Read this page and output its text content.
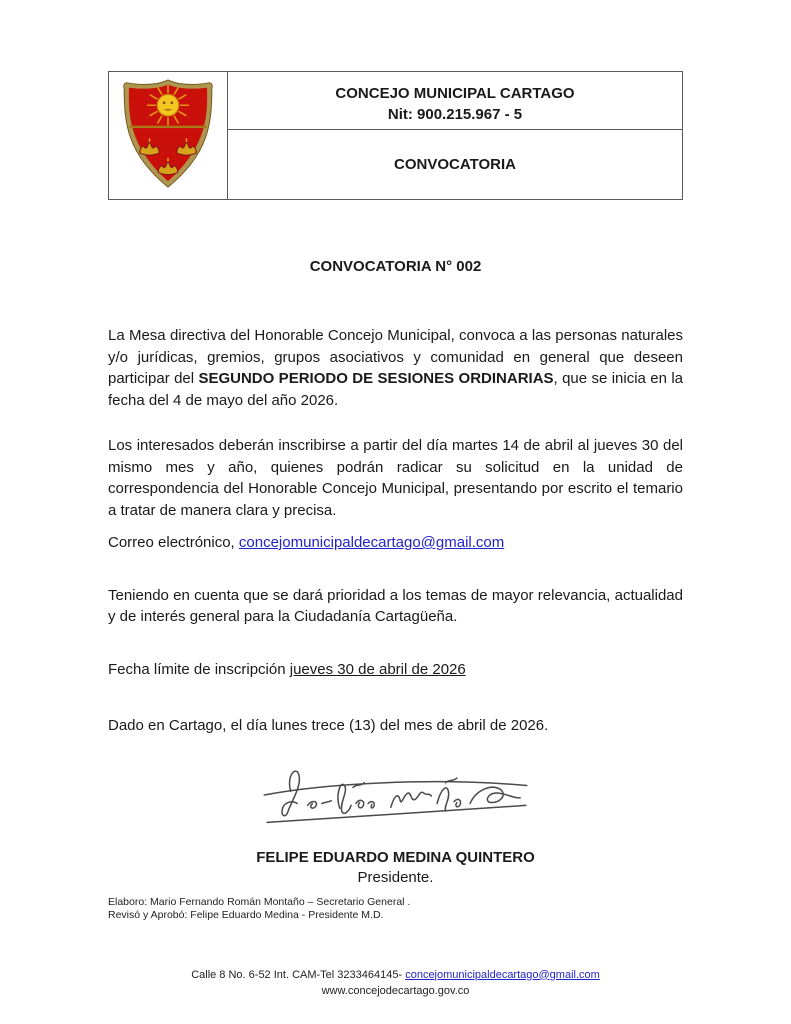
CONCEJO MUNICIPAL CARTAGO
Nit: 900.215.967 - 5
CONVOCATORIA
CONVOCATORIA N° 002

La Mesa directiva del Honorable Concejo Municipal, convoca a las personas naturales y/o jurídicas, gremios, grupos asociativos y comunidad en general que deseen participar del SEGUNDO PERIODO DE SESIONES ORDINARIAS, que se inicia en la fecha del 4 de mayo del año 2026.

Los interesados deberán inscribirse a partir del día martes 14 de abril al jueves 30 del mismo mes y año, quienes podrán radicar su solicitud en la unidad de correspondencia del Honorable Concejo Municipal, presentando por escrito el temario a tratar de manera clara y precisa.

Correo electrónico, concejomunicipaldecartago@gmail.com

Teniendo en cuenta que se dará prioridad a los temas de mayor relevancia, actualidad y de interés general para la Ciudadanía Cartagüeña.

Fecha límite de inscripción jueves 30 de abril de 2026

Dado en Cartago, el día lunes trece (13) del mes de abril de 2026.

FELIPE EDUARDO MEDINA QUINTERO
Presidente.
Elaboro: Mario Fernando Román Montaño – Secretario General .
Revisó y Aprobó: Felipe Eduardo Medina - Presidente M.D.
Calle 8 No. 6-52 Int. CAM-Tel 3233464145- concejomunicipaldecartago@gmail.com
www.concejodecartago.gov.co
